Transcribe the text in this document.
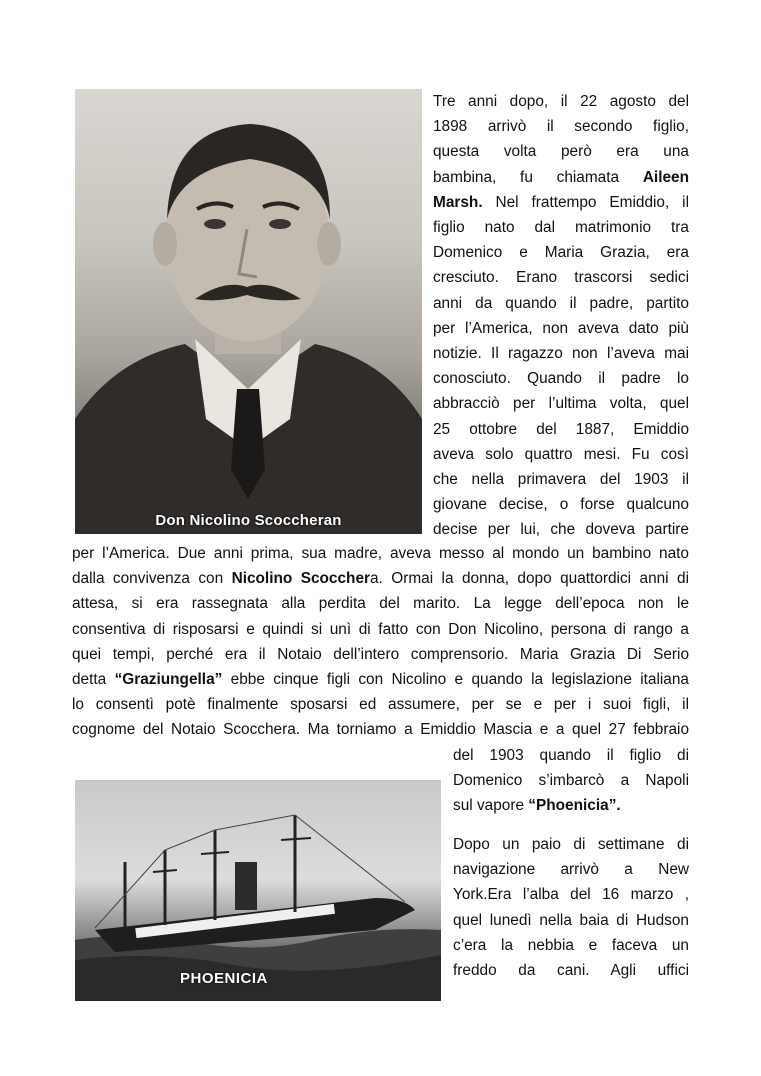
Don Nicolino Scoccheran
Tre anni dopo, il 22 agosto del
1898 arrivò il secondo figlio,
questa volta però era una
bambina, fu chiamata Aileen
Marsh. Nel frattempo Emiddio, il
figlio nato dal matrimonio tra
Domenico e Maria Grazia, era
cresciuto. Erano trascorsi sedici
anni da quando il padre, partito
per l’America, non aveva dato più
notizie. Il ragazzo non l’aveva mai
conosciuto. Quando il padre lo
abbracciò per l’ultima volta, quel
25 ottobre del 1887, Emiddio
aveva solo quattro mesi. Fu così
che nella primavera del 1903 il
giovane decise, o forse qualcuno
decise per lui, che doveva partire
per l’America. Due anni prima, sua madre, aveva messo al mondo un bambino nato
dalla convivenza con Nicolino Scocchera. Ormai la donna, dopo quattordici anni di
attesa, si era rassegnata alla perdita del marito. La legge dell’epoca non le
consentiva di risposarsi e quindi si unì di fatto con Don Nicolino, persona di rango a
quei tempi, perché era il Notaio dell’intero comprensorio. Maria Grazia Di Serio
detta “Graziungella” ebbe cinque figli con Nicolino e quando la legislazione italiana
lo consentì potè finalmente sposarsi ed assumere, per se e per i suoi figli, il
cognome del Notaio Scocchera. Ma torniamo a Emiddio Mascia e a quel 27 febbraio
del 1903 quando il figlio di
Domenico s’imbarcò a Napoli
sul vapore “Phoenicia”.
Dopo un paio di settimane di
navigazione arrivò a New
York.Era l’alba del 16 marzo ,
quel lunedì nella baia di Hudson
c’era la nebbia e faceva un
freddo da cani. Agli uffici
PHOENICIA
